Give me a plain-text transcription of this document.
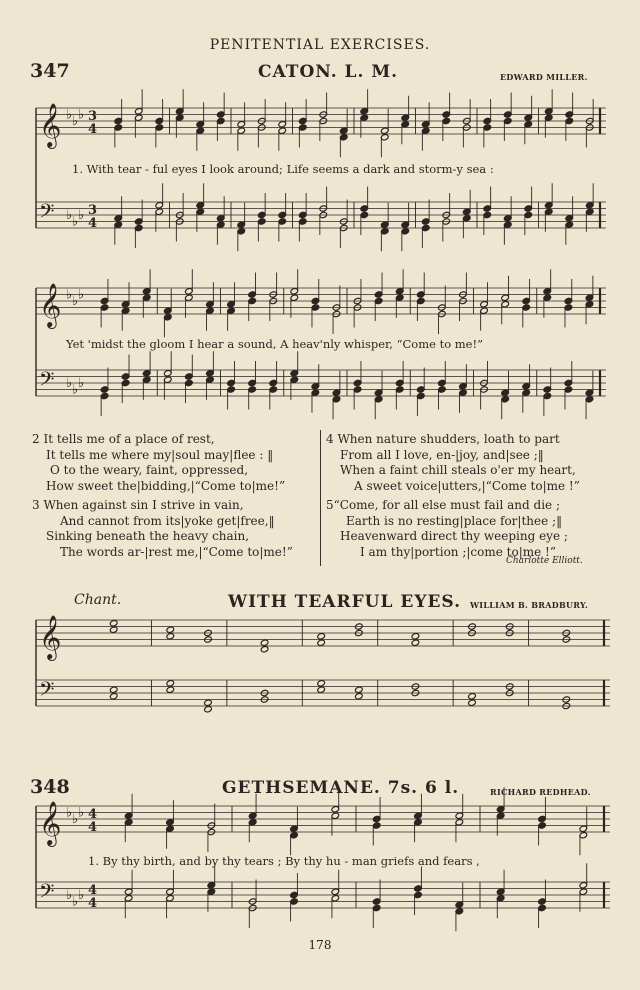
PENITENTIAL EXERCISES.
347	CATON. L. M.	EDWARD MILLER.
𝄞 ♭ ♭ ♭ 3
4
𝄢 ♭ ♭ ♭ 3
4
1. With tear - ful eyes I look around; Life seems a dark and storm-y sea :
𝄞 ♭ ♭ ♭
𝄢 ♭ ♭ ♭
Yet 'midst the gloom I hear a sound, A heav'nly whisper, “Come to me!”
2 It tells me of a place of rest,
It tells me where my|soul may|flee : ‖
O to the weary, faint, oppressed,
How sweet the|bidding,|“Come to|me!”
3 When against sin I strive in vain,
And cannot from its|yoke get|free,‖
Sinking beneath the heavy chain,
The words ar-|rest me,|“Come to|me!”
4 When nature shudders, loath to part
From all I love, en-|joy, and|see ;‖
When a faint chill steals o'er my heart,
A sweet voice|utters,|“Come to|me !”
5“Come, for all else must fail and die ;
Earth is no resting|place for|thee ;‖
Heavenward direct thy weeping eye ;
I am thy|portion ;|come to|me !”
Charlotte Elliott.
Chant.	WITH TEARFUL EYES. WILLIAM B. BRADBURY.
𝄞
𝄢
348	GETHSEMANE. 7s. 6 l.	RICHARD REDHEAD.
𝄞 ♭ ♭ ♭ 4
4
𝄢 ♭ ♭ ♭ 4
4
1. By thy birth, and by thy tears ; By thy hu - man griefs and fears ,
178
